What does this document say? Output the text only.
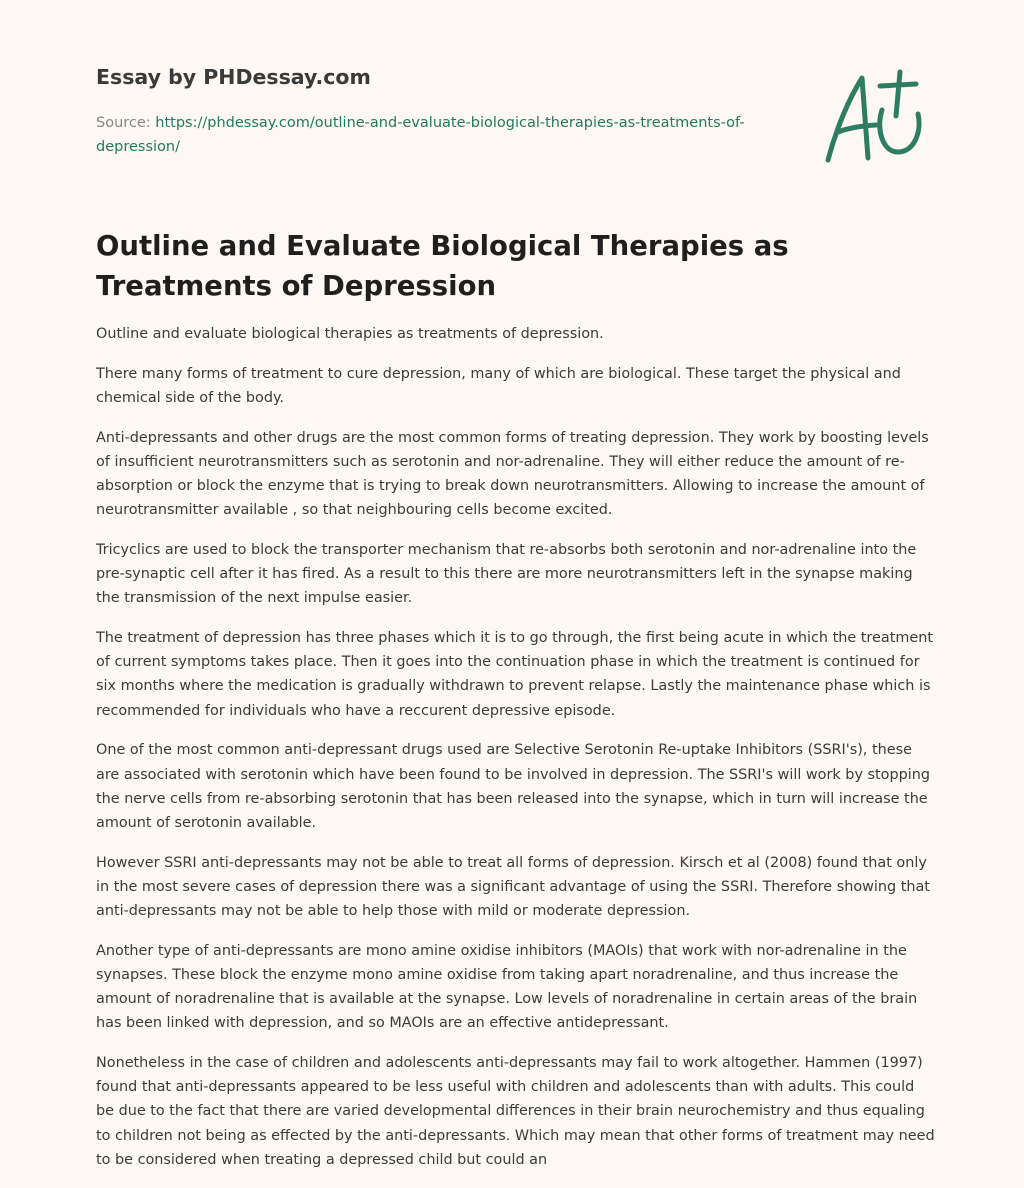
Essay by PHDessay.com
Source: https://phdessay.com/outline-and-evaluate-biological-therapies-as-treatments-of-depression/
Outline and Evaluate Biological Therapies as Treatments of Depression

Outline and evaluate biological therapies as treatments of depression.

There many forms of treatment to cure depression, many of which are biological. These target the physical and chemical side of the body.

Anti-depressants and other drugs are the most common forms of treating depression. They work by boosting levels of insufficient neurotransmitters such as serotonin and nor-adrenaline. They will either reduce the amount of re-absorption or block the enzyme that is trying to break down neurotransmitters. Allowing to increase the amount of neurotransmitter available , so that neighbouring cells become excited.

Tricyclics are used to block the transporter mechanism that re-absorbs both serotonin and nor-adrenaline into the pre-synaptic cell after it has fired. As a result to this there are more neurotransmitters left in the synapse making the transmission of the next impulse easier.

The treatment of depression has three phases which it is to go through, the first being acute in which the treatment of current symptoms takes place. Then it goes into the continuation phase in which the treatment is continued for six months where the medication is gradually withdrawn to prevent relapse. Lastly the maintenance phase which is recommended for individuals who have a reccurent depressive episode.

One of the most common anti-depressant drugs used are Selective Serotonin Re-uptake Inhibitors (SSRI's), these are associated with serotonin which have been found to be involved in depression. The SSRI's will work by stopping the nerve cells from re-absorbing serotonin that has been released into the synapse, which in turn will increase the amount of serotonin available.

However SSRI anti-depressants may not be able to treat all forms of depression. Kirsch et al (2008) found that only in the most severe cases of depression there was a significant advantage of using the SSRI. Therefore showing that anti-depressants may not be able to help those with mild or moderate depression.

Another type of anti-depressants are mono amine oxidise inhibitors (MAOIs) that work with nor-adrenaline in the synapses. These block the enzyme mono amine oxidise from taking apart noradrenaline, and thus increase the amount of noradrenaline that is available at the synapse. Low levels of noradrenaline in certain areas of the brain has been linked with depression, and so MAOIs are an effective antidepressant.

Nonetheless in the case of children and adolescents anti-depressants may fail to work altogether. Hammen (1997) found that anti-depressants appeared to be less useful with children and adolescents than with adults. This could be due to the fact that there are varied developmental differences in their brain neurochemistry and thus equaling to children not being as effected by the anti-depressants. Which may mean that other forms of treatment may need to be considered when treating a depressed child but could an
